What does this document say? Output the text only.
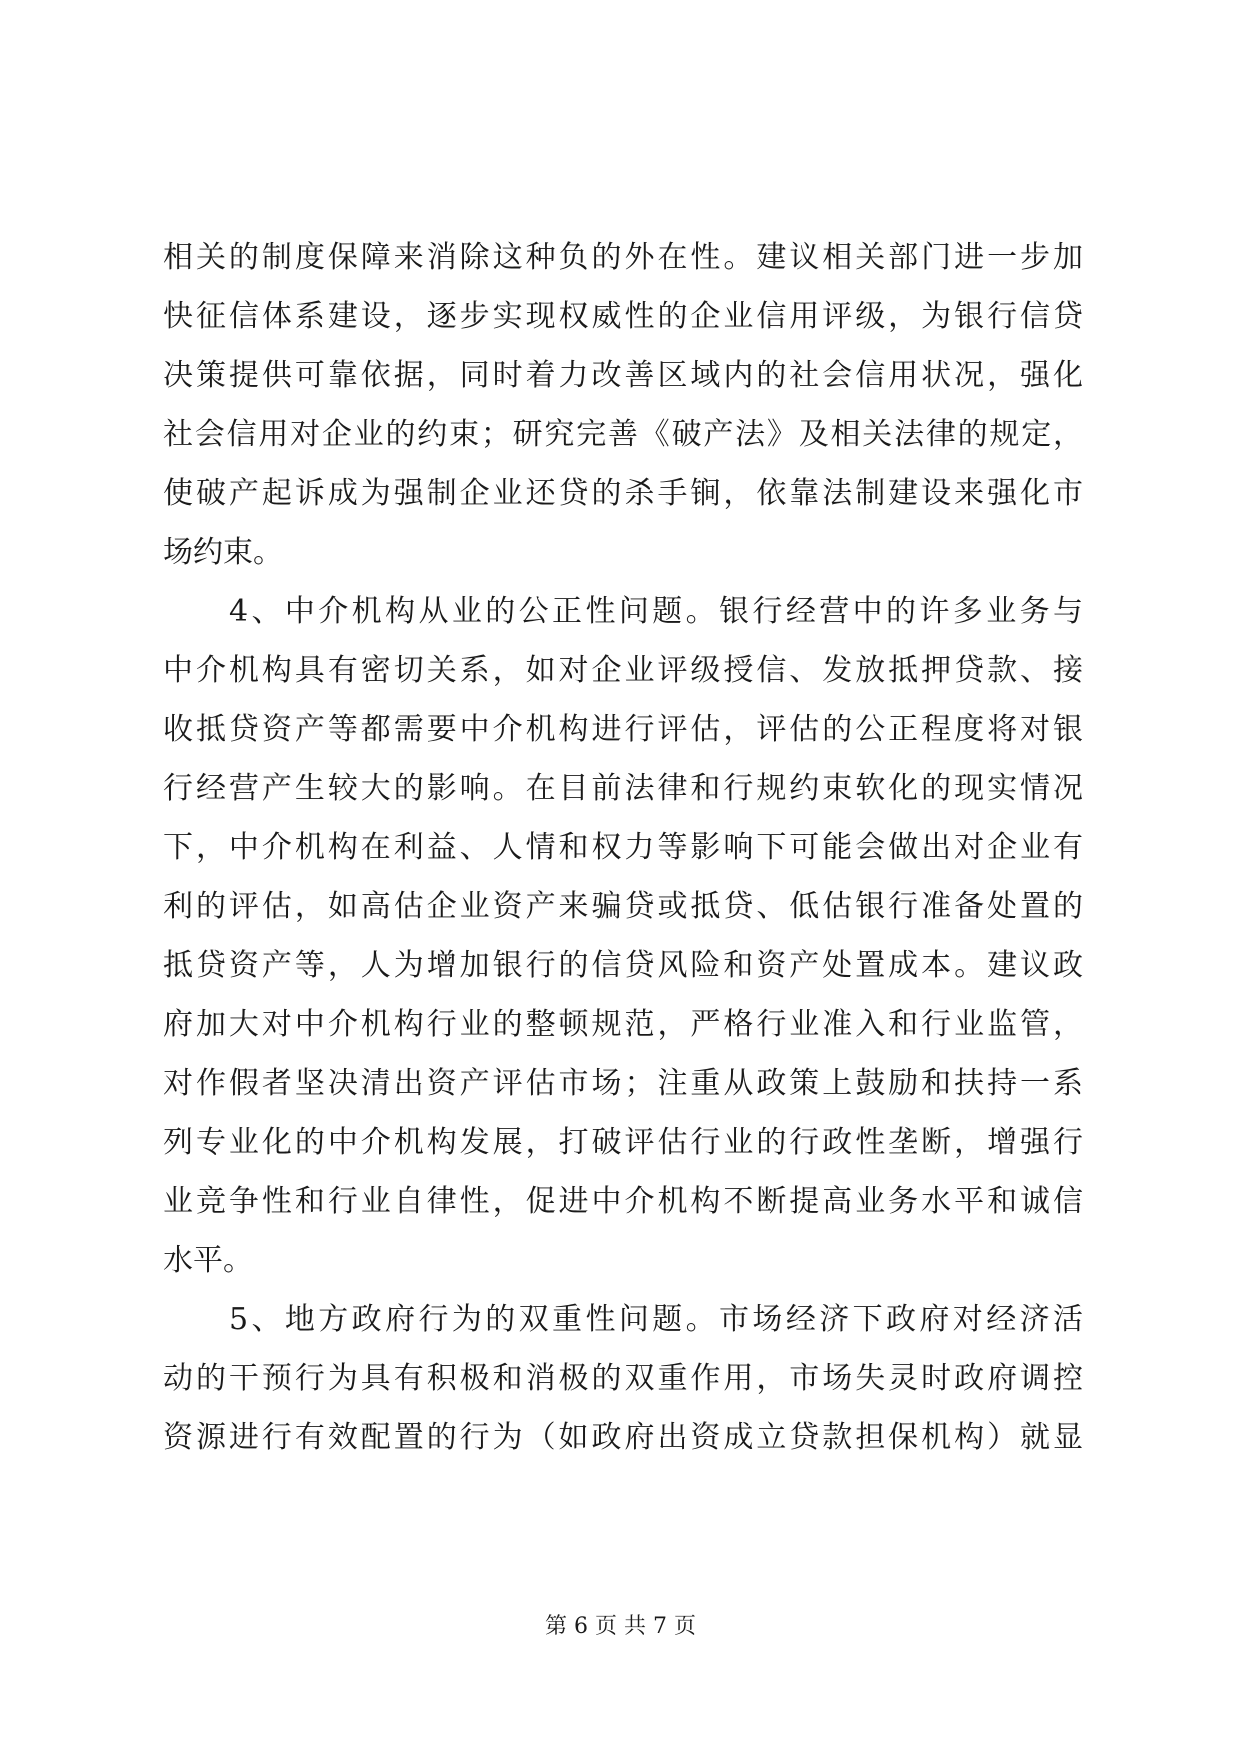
相关的制度保障来消除这种负的外在性。建议相关部门进一步加
快征信体系建设，逐步实现权威性的企业信用评级，为银行信贷
决策提供可靠依据，同时着力改善区域内的社会信用状况，强化
社会信用对企业的约束；研究完善《破产法》及相关法律的规定，
使破产起诉成为强制企业还贷的杀手锏，依靠法制建设来强化市
场约束。
4、中介机构从业的公正性问题。银行经营中的许多业务与
中介机构具有密切关系，如对企业评级授信、发放抵押贷款、接
收抵贷资产等都需要中介机构进行评估，评估的公正程度将对银
行经营产生较大的影响。在目前法律和行规约束软化的现实情况
下，中介机构在利益、人情和权力等影响下可能会做出对企业有
利的评估，如高估企业资产来骗贷或抵贷、低估银行准备处置的
抵贷资产等，人为增加银行的信贷风险和资产处置成本。建议政
府加大对中介机构行业的整顿规范，严格行业准入和行业监管，
对作假者坚决清出资产评估市场；注重从政策上鼓励和扶持一系
列专业化的中介机构发展，打破评估行业的行政性垄断，增强行
业竞争性和行业自律性，促进中介机构不断提高业务水平和诚信
水平。
5、地方政府行为的双重性问题。市场经济下政府对经济活
动的干预行为具有积极和消极的双重作用，市场失灵时政府调控
资源进行有效配置的行为（如政府出资成立贷款担保机构）就显
第 6 页 共 7 页
